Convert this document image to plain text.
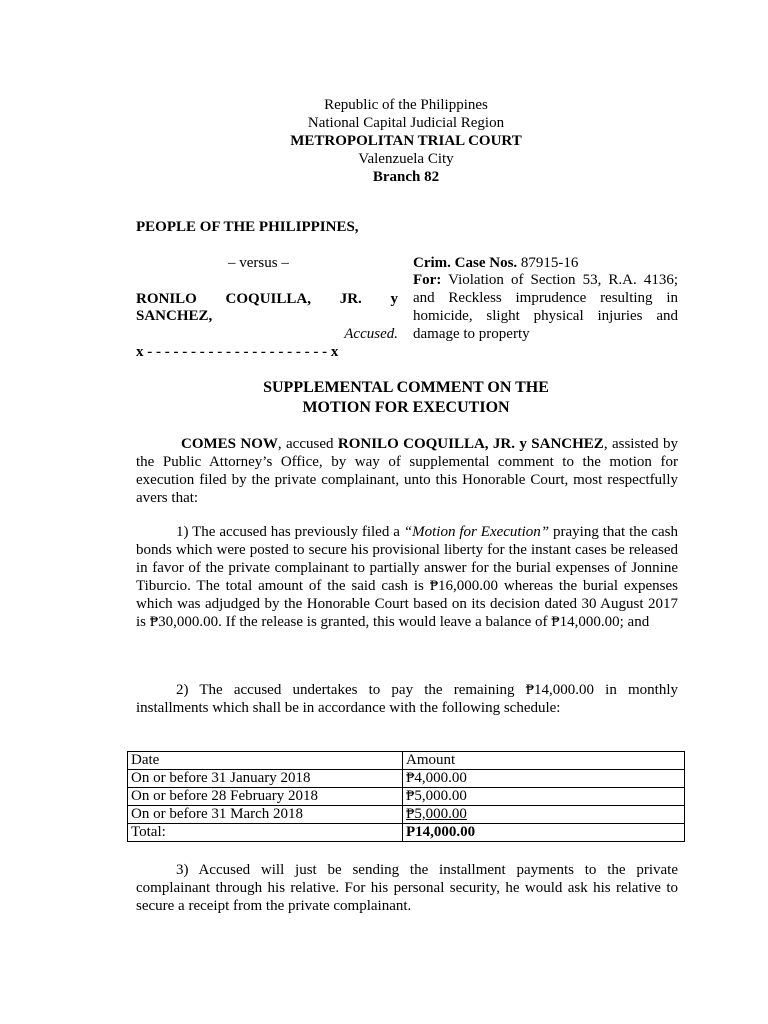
Republic of the Philippines
National Capital Judicial Region
METROPOLITAN TRIAL COURT
Valenzuela City
Branch 82
PEOPLE OF THE PHILIPPINES,
– versus –
RONILO COQUILLA, JR. y
SANCHEZ,
Accused.
x - - - - - - - - - - - - - - - - - - - - - x
Crim. Case Nos. 87915-16
For: Violation of Section 53, R.A. 4136; and Reckless imprudence resulting in homicide, slight physical injuries and damage to property
SUPPLEMENTAL COMMENT ON THE
MOTION FOR EXECUTION
COMES NOW, accused RONILO COQUILLA, JR. y SANCHEZ, assisted by the Public Attorney’s Office, by way of supplemental comment to the motion for execution filed by the private complainant, unto this Honorable Court, most respectfully avers that:
1) The accused has previously filed a “Motion for Execution” praying that the cash bonds which were posted to secure his provisional liberty for the instant cases be released in favor of the private complainant to partially answer for the burial expenses of Jonnine Tiburcio. The total amount of the said cash is ₱16,000.00 whereas the burial expenses which was adjudged by the Honorable Court based on its decision dated 30 August 2017 is ₱30,000.00. If the release is granted, this would leave a balance of ₱14,000.00; and
2) The accused undertakes to pay the remaining ₱14,000.00 in monthly installments which shall be in accordance with the following schedule:
Date	Amount
On or before 31 January 2018	₱4,000.00
On or before 28 February 2018	₱5,000.00
On or before 31 March 2018	₱5,000.00
Total:	P14,000.00
3) Accused will just be sending the installment payments to the private complainant through his relative. For his personal security, he would ask his relative to secure a receipt from the private complainant.
